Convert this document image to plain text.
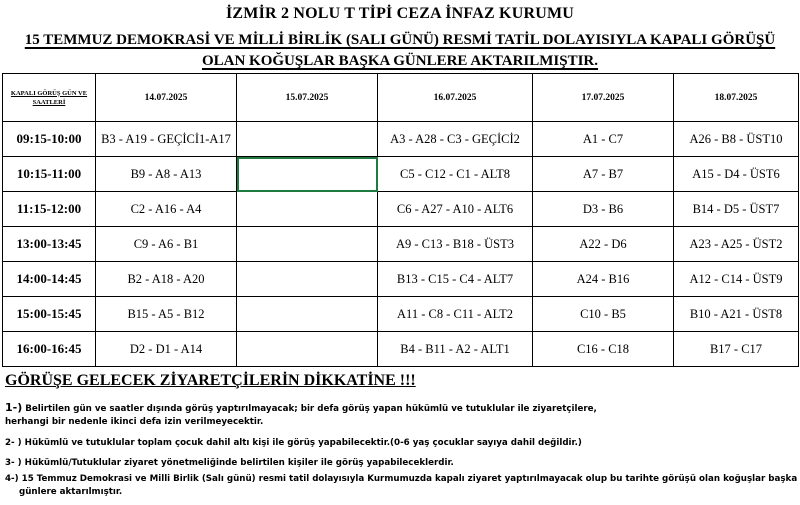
İZMİR 2 NOLU T TİPİ CEZA İNFAZ KURUMU
15 TEMMUZ DEMOKRASİ VE MİLLİ BİRLİK (SALI GÜNÜ) RESMİ TATİL DOLAYISIYLA KAPALI GÖRÜŞÜ
OLAN KOĞUŞLAR BAŞKA GÜNLERE AKTARILMIŞTIR.
KAPALI GÖRÜŞ GÜN VE SAATLERİ	14.07.2025	15.07.2025	16.07.2025	17.07.2025	18.07.2025
09:15-10:00	B3 - A19 - GEÇİCİ1-A17		A3 - A28 - C3 - GEÇİCİ2	A1 - C7	A26 - B8 - ÜST10
10:15-11:00	B9 - A8 - A13		C5 - C12 - C1 - ALT8	A7 - B7	A15 - D4 - ÜST6
11:15-12:00	C2 - A16 - A4		C6 - A27 - A10 - ALT6	D3 - B6	B14 - D5 - ÜST7
13:00-13:45	C9 - A6 - B1		A9 - C13 - B18 - ÜST3	A22 - D6	A23 - A25 - ÜST2
14:00-14:45	B2 - A18 - A20		B13 - C15 - C4 - ALT7	A24 - B16	A12 - C14 - ÜST9
15:00-15:45	B15 - A5 - B12		A11 - C8 - C11 - ALT2	C10 - B5	B10 - A21 - ÜST8
16:00-16:45	D2 - D1 - A14		B4 - B11 - A2 - ALT1	C16 - C18	B17 - C17
GÖRÜŞE GELECEK ZİYARETÇİLERİN DİKKATİNE !!!
1-) Belirtilen gün ve saatler dışında görüş yaptırılmayacak; bir defa görüş yapan hükümlü ve tutuklular ile ziyaretçilere,
herhangi bir nedenle ikinci defa izin verilmeyecektir.
2- ) Hükümlü ve tutuklular toplam çocuk dahil altı kişi ile görüş yapabilecektir.(0-6 yaş çocuklar sayıya dahil değildir.)
3- ) Hükümlü/Tutuklular ziyaret yönetmeliğinde belirtilen kişiler ile görüş yapabileceklerdir.
4-) 15 Temmuz Demokrasi ve Milli Birlik (Salı günü) resmi tatil dolayısıyla Kurmumuzda kapalı ziyaret yaptırılmayacak olup bu tarihte görüşü olan koğuşlar başka
günlere aktarılmıştır.
